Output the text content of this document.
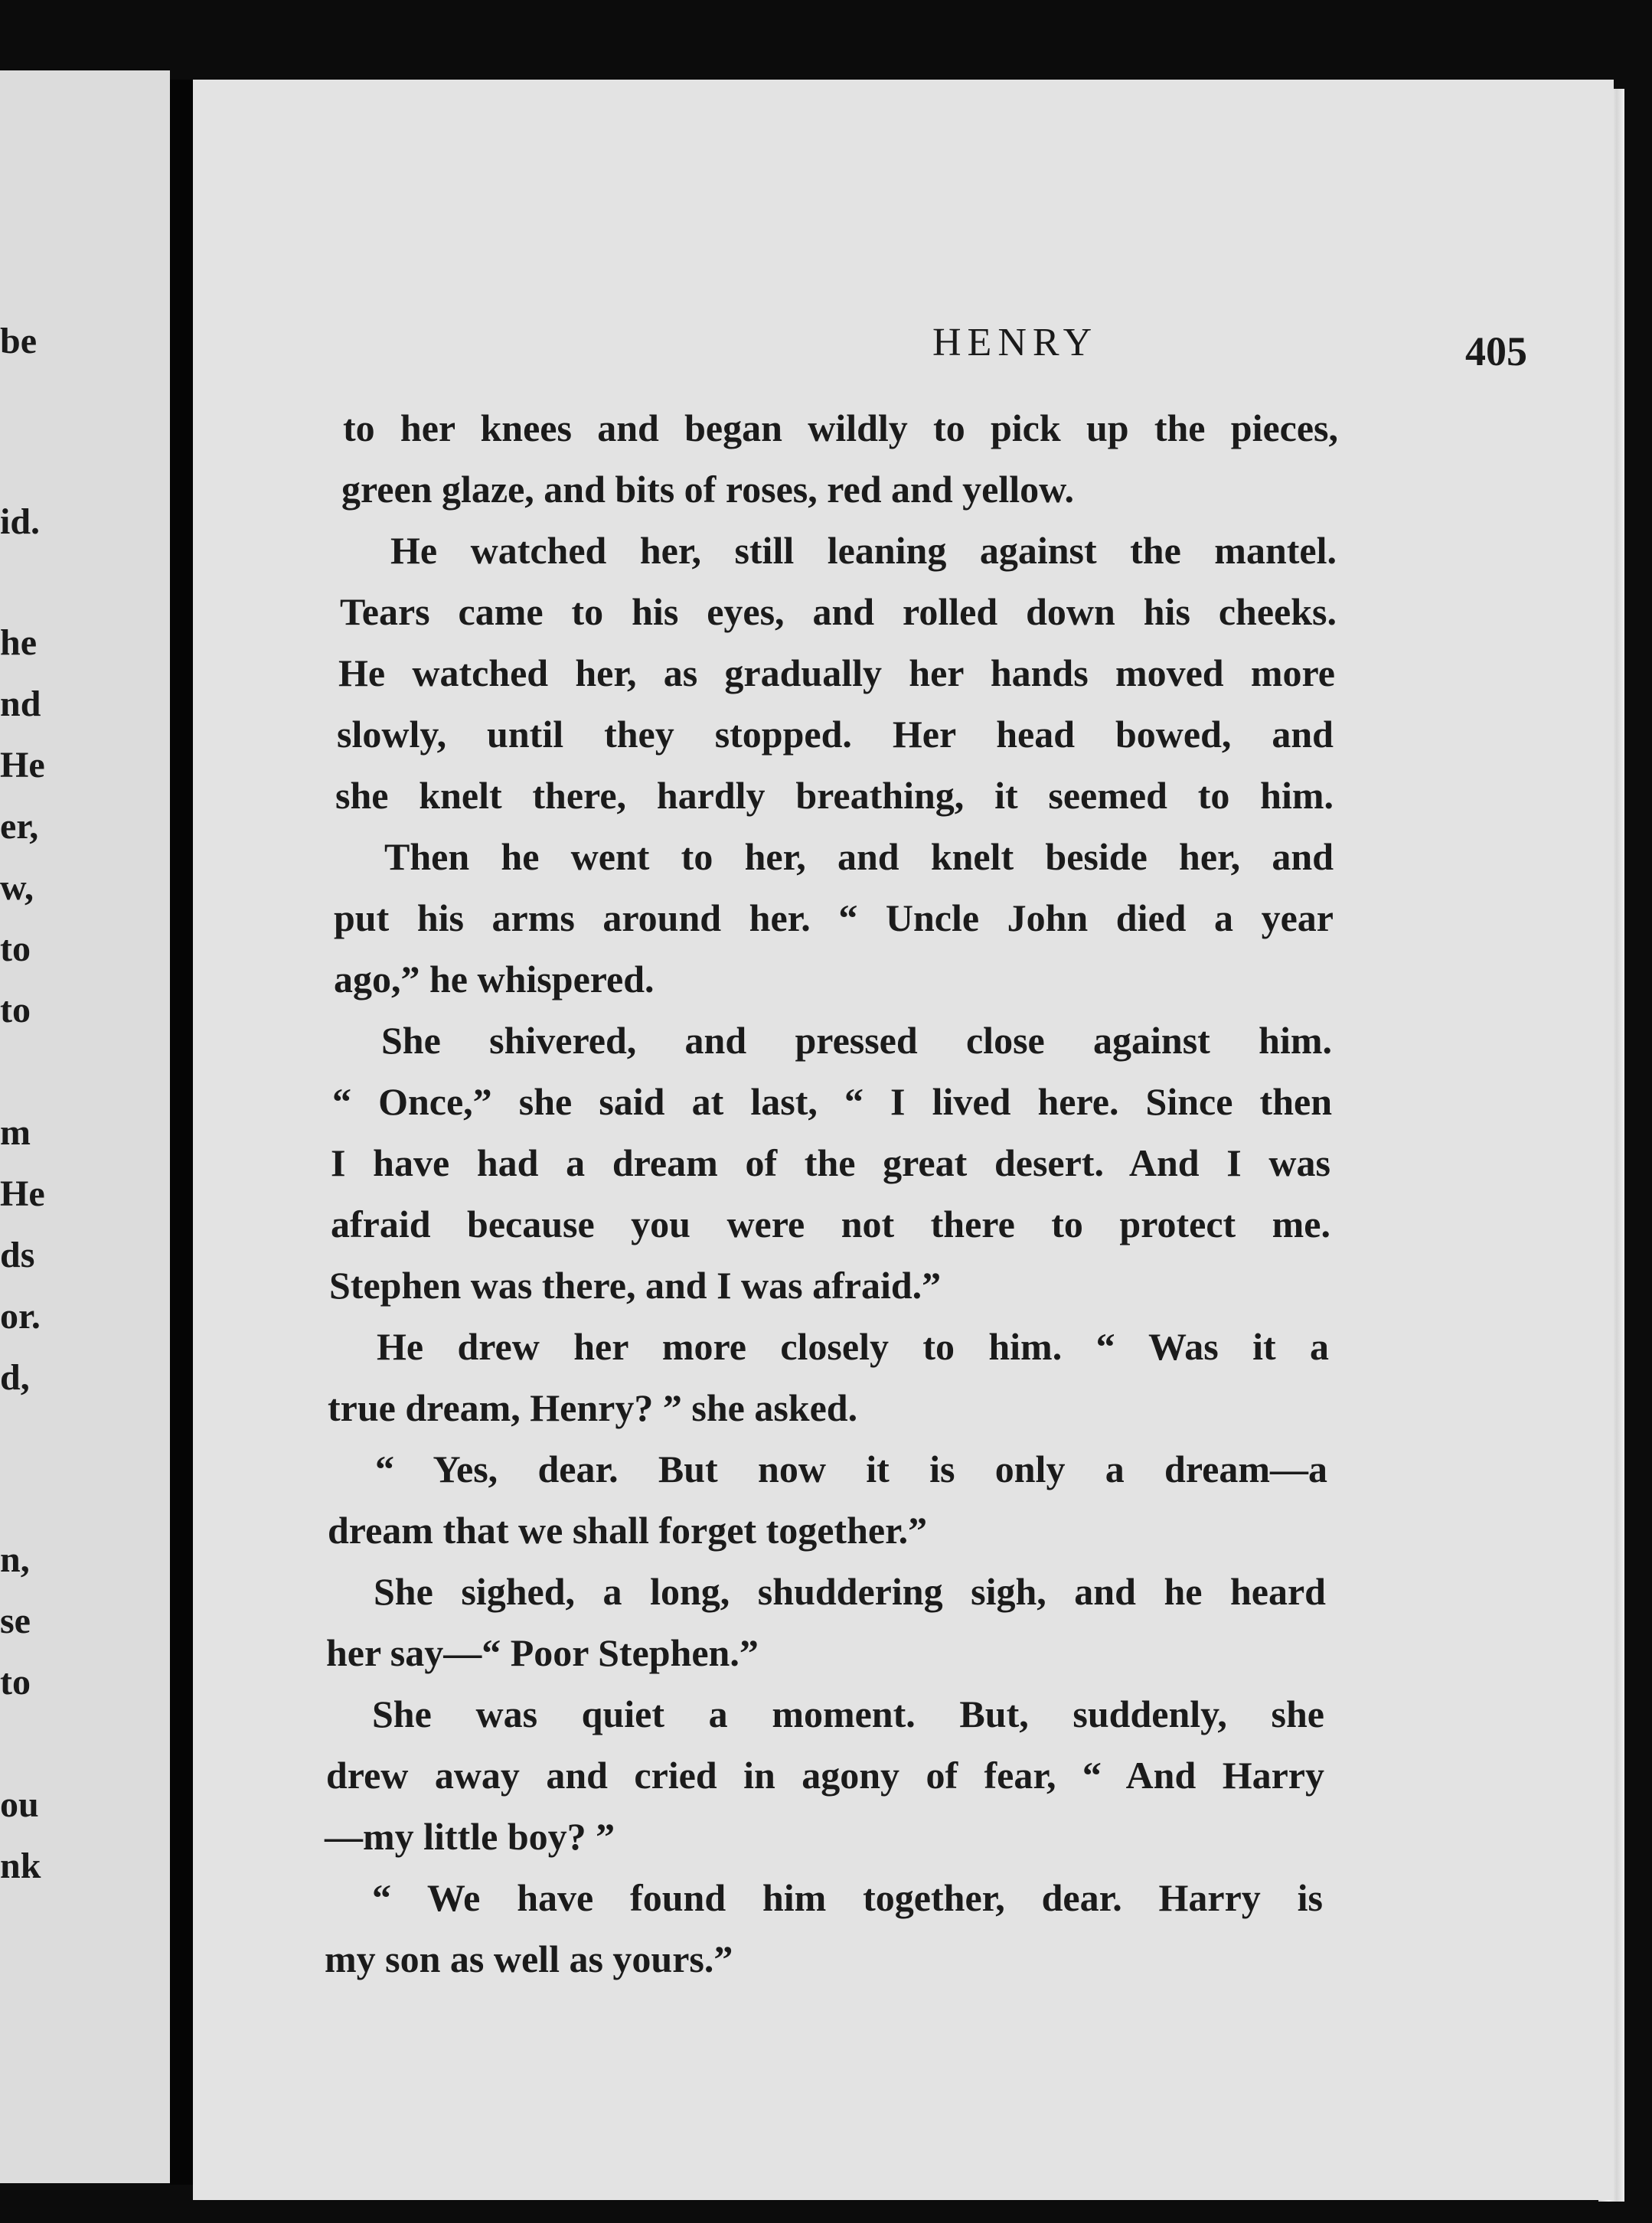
be
id.
he
nd
He
er,
w,
to
to
m
He
ds
or.
d,
n,
se
to
ou
nk
HENRY	405
to her knees and began wildly to pick up the pieces,
green glaze, and bits of roses, red and yellow.
He watched her, still leaning against the mantel.
Tears came to his eyes, and rolled down his cheeks.
He watched her, as gradually her hands moved more
slowly, until they stopped. Her head bowed, and
she knelt there, hardly breathing, it seemed to him.
Then he went to her, and knelt beside her, and
put his arms around her. “ Uncle John died a year
ago,” he whispered.
She shivered, and pressed close against him.
“ Once,” she said at last, “ I lived here. Since then
I have had a dream of the great desert. And I was
afraid because you were not there to protect me.
Stephen was there, and I was afraid.”
He drew her more closely to him. “ Was it a
true dream, Henry? ” she asked.
“ Yes, dear. But now it is only a dream—a
dream that we shall forget together.”
She sighed, a long, shuddering sigh, and he heard
her say—“ Poor Stephen.”
She was quiet a moment. But, suddenly, she
drew away and cried in agony of fear, “ And Harry
—my little boy? ”
“ We have found him together, dear. Harry is
my son as well as yours.”
